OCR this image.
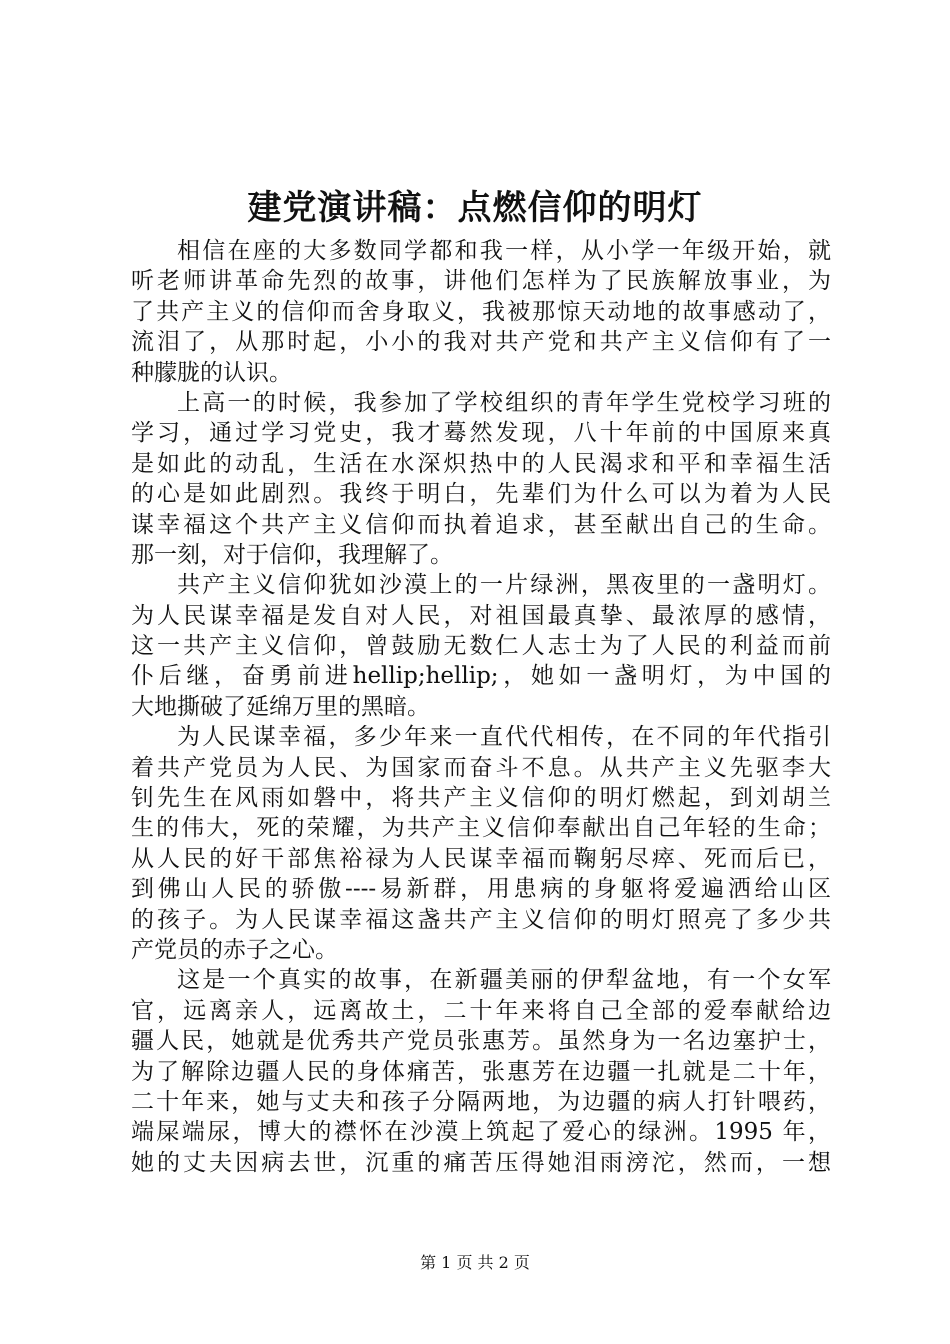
建党演讲稿：点燃信仰的明灯
相信在座的大多数同学都和我一样，从小学一年级开始，就
听老师讲革命先烈的故事，讲他们怎样为了民族解放事业，为
了共产主义的信仰而舍身取义，我被那惊天动地的故事感动了，
流泪了，从那时起，小小的我对共产党和共产主义信仰有了一
种朦胧的认识。
上高一的时候，我参加了学校组织的青年学生党校学习班的
学习，通过学习党史，我才蓦然发现，八十年前的中国原来真
是如此的动乱，生活在水深炽热中的人民渴求和平和幸福生活
的心是如此剧烈。我终于明白，先辈们为什么可以为着为人民
谋幸福这个共产主义信仰而执着追求，甚至献出自己的生命。
那一刻，对于信仰，我理解了。
共产主义信仰犹如沙漠上的一片绿洲，黑夜里的一盏明灯。
为人民谋幸福是发自对人民，对祖国最真挚、最浓厚的感情，
这一共产主义信仰，曾鼓励无数仁人志士为了人民的利益而前
仆后继，奋勇前进hellip;hellip;，她如一盏明灯，为中国的
大地撕破了延绵万里的黑暗。
为人民谋幸福，多少年来一直代代相传，在不同的年代指引
着共产党员为人民、为国家而奋斗不息。从共产主义先驱李大
钊先生在风雨如磐中，将共产主义信仰的明灯燃起，到刘胡兰
生的伟大，死的荣耀，为共产主义信仰奉献出自己年轻的生命；
从人民的好干部焦裕禄为人民谋幸福而鞠躬尽瘁、死而后已，
到佛山人民的骄傲----易新群，用患病的身躯将爱遍洒给山区
的孩子。为人民谋幸福这盏共产主义信仰的明灯照亮了多少共
产党员的赤子之心。
这是一个真实的故事，在新疆美丽的伊犁盆地，有一个女军
官，远离亲人，远离故土，二十年来将自己全部的爱奉献给边
疆人民，她就是优秀共产党员张惠芳。虽然身为一名边塞护士，
为了解除边疆人民的身体痛苦，张惠芳在边疆一扎就是二十年，
二十年来，她与丈夫和孩子分隔两地，为边疆的病人打针喂药，
端屎端尿，博大的襟怀在沙漠上筑起了爱心的绿洲。1995 年，
她的丈夫因病去世，沉重的痛苦压得她泪雨滂沱，然而，一想
第 1 页 共 2 页
